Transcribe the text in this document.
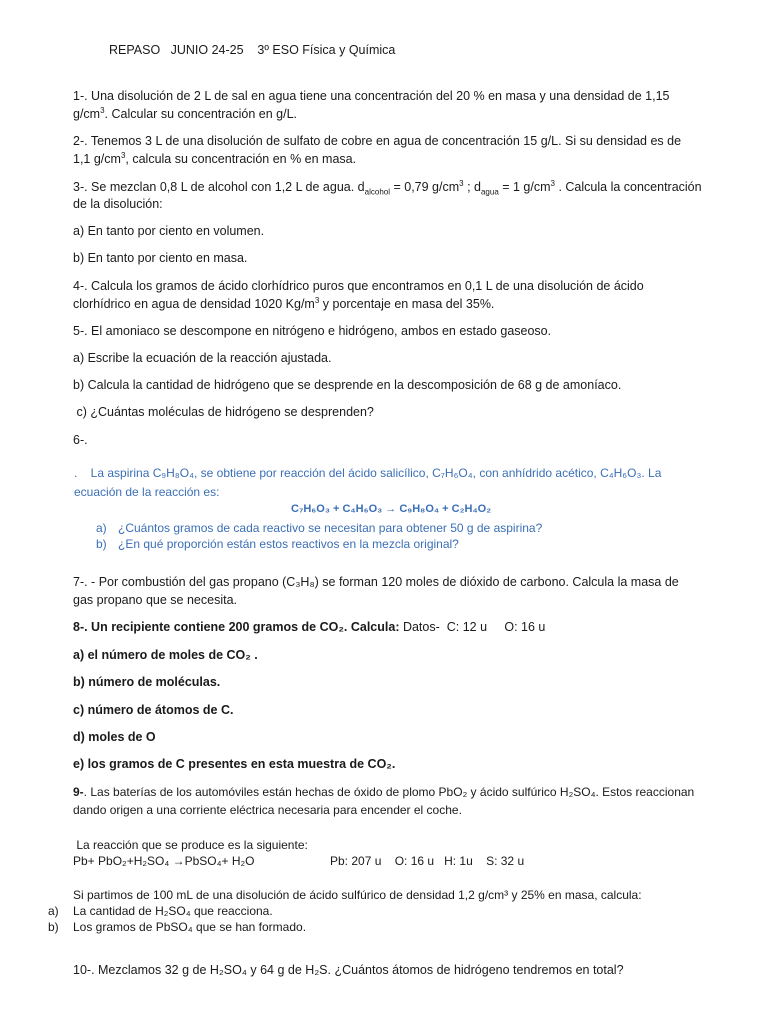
REPASO   JUNIO 24-25    3º ESO Física y Química
1-. Una disolución de 2 L de sal en agua tiene una concentración del 20 % en masa y una densidad de 1,15
$g/cm^3$. Calcular su concentración en g/L.
2-. Tenemos 3 L de una disolución de sulfato de cobre en agua de concentración 15 g/L. Si su densidad es de
1,1 $g/cm^3$, calcula su concentración en % en masa.
3-. Se mezclan 0,8 L de alcohol con 1,2 L de agua. $d_{alcohol} = 0,79$ $g/cm^3$ ; $d_{agua} = 1$ $g/cm^3$ . Calcula la concentración
de la disolución:
a) En tanto por ciento en volumen.
b) En tanto por ciento en masa.
4-. Calcula los gramos de ácido clorhídrico puros que encontramos en 0,1 L de una disolución de ácido
clorhídrico en agua de densidad 1020 $Kg/m^3$ y porcentaje en masa del 35%.
5-. El amoniaco se descompone en nitrógeno e hidrógeno, ambos en estado gaseoso.
a) Escribe la ecuación de la reacción ajustada.
b) Calcula la cantidad de hidrógeno que se desprende en la descomposición de 68 g de amoníaco.
c) ¿Cuántas moléculas de hidrógeno se desprenden?
6-.
.    La aspirina C₉H₈O₄, se obtiene por reacción del ácido salicílico, C₇H₆O₄, con anhídrido acético, C₄H₆O₃. La
ecuación de la reacción es:
C₇H₆O₃ + C₄H₆O₃ → C₉H₈O₄ + C₂H₄O₂
a) ¿Cuántos gramos de cada reactivo se necesitan para obtener 50 g de aspirina?
b) ¿En qué proporción están estos reactivos en la mezcla original?
7-. - Por combustión del gas propano (C₃H₈) se forman 120 moles de dióxido de carbono. Calcula la masa de
gas propano que se necesita.
8-. Un recipiente contiene 200 gramos de CO₂. Calcula: Datos-  C: 12 u     O: 16 u
a) el número de moles de CO₂ .
b) número de moléculas.
c) número de átomos de C.
d) moles de O
e) los gramos de C presentes en esta muestra de CO₂.
9-. Las baterías de los automóviles están hechas de óxido de plomo PbO₂ y ácido sulfúrico H₂SO₄. Estos reaccionan
dando origen a una corriente eléctrica necesaria para encender el coche.
La reacción que se produce es la siguiente:
Pb+ PbO₂+H₂SO₄ →PbSO₄+ H₂O	Pb: 207 u    O: 16 u   H: 1u    S: 32 u
Si partimos de 100 mL de una disolución de ácido sulfúrico de densidad 1,2 g/cm³ y 25% en masa, calcula:
a) La cantidad de H₂SO₄ que reacciona.
b) Los gramos de PbSO₄ que se han formado.
10-. Mezclamos 32 g de H₂SO₄ y 64 g de H₂S. ¿Cuántos átomos de hidrógeno tendremos en total?
